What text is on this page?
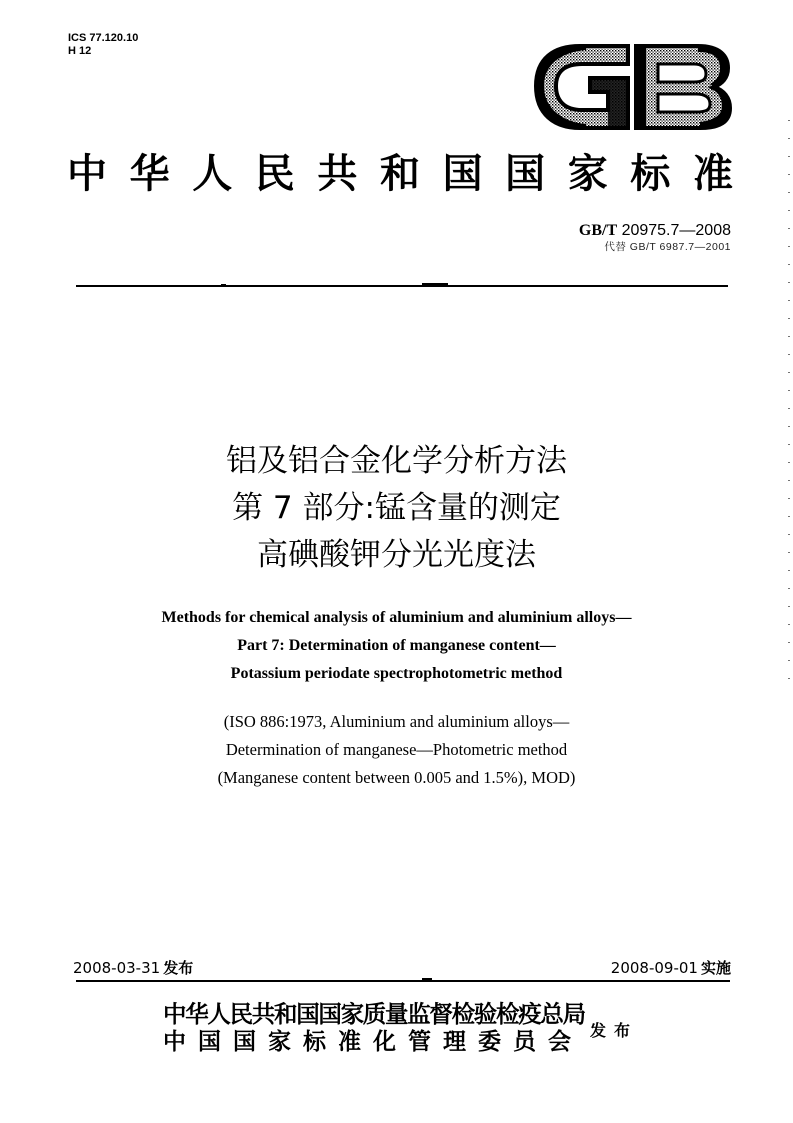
ICS 77.120.10
H 12
中 华 人 民 共 和 国 国 家 标 准
GB/T 20975.7—2008
代替 GB/T 6987.7—2001
铝及铝合金化学分析方法
第 7 部分:锰含量的测定
高碘酸钾分光光度法
Methods for chemical analysis of aluminium and aluminium alloys—
Part 7: Determination of manganese content—
Potassium periodate spectrophotometric method
(ISO 886:1973, Aluminium and aluminium alloys—
Determination of manganese—Photometric method
(Manganese content between 0.005 and 1.5%), MOD)
2008-03-31 发布	2008-09-01 实施
中华人民共和国国家质量监督检验检疫总局
中 国 国 家 标 准 化 管 理 委 员 会 发布
